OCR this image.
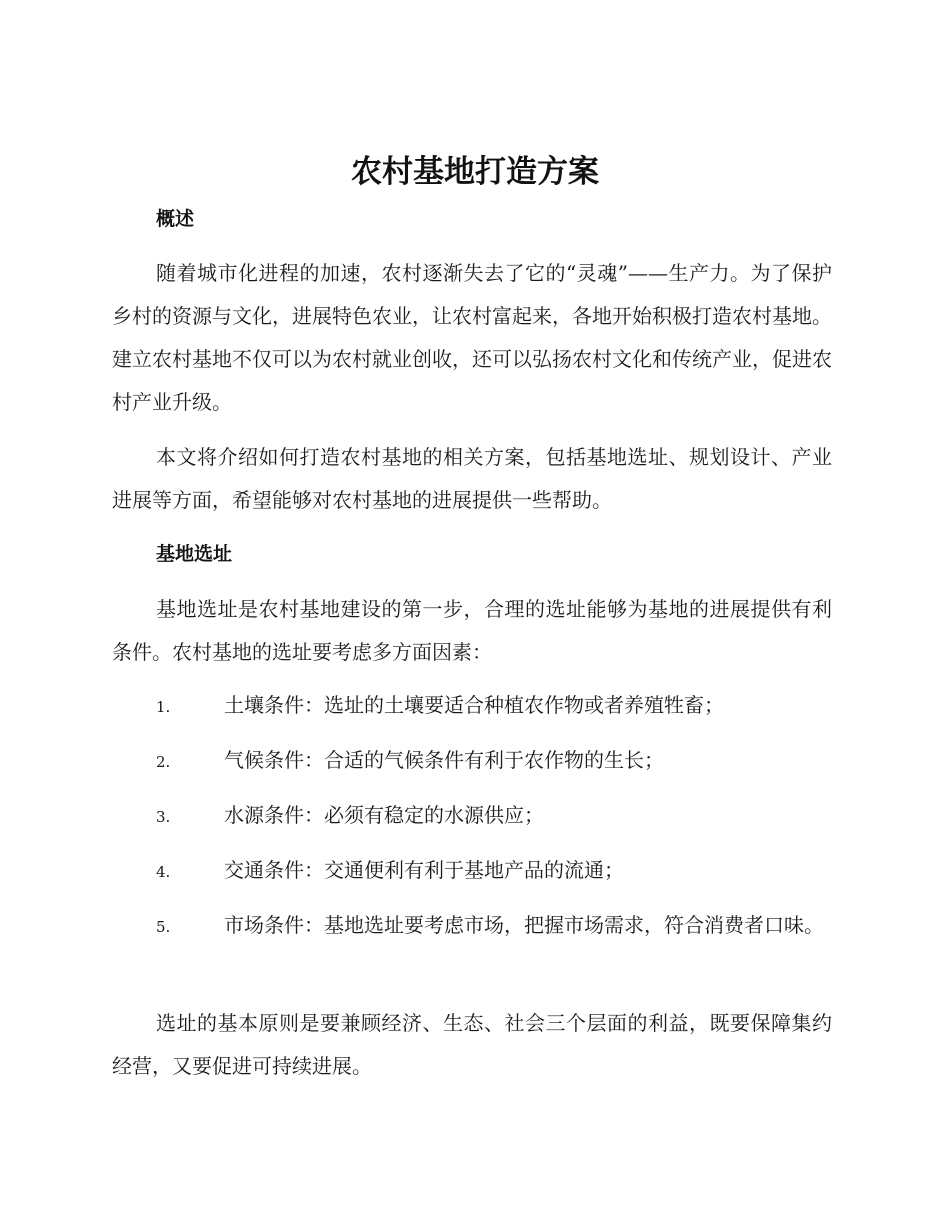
农村基地打造方案
概述

随着城市化进程的加速，农村逐渐失去了它的“灵魂”——生产力。为了保护乡村的资源与文化，进展特色农业，让农村富起来，各地开始积极打造农村基地。建立农村基地不仅可以为农村就业创收，还可以弘扬农村文化和传统产业，促进农村产业升级。

本文将介绍如何打造农村基地的相关方案，包括基地选址、规划设计、产业进展等方面，希望能够对农村基地的进展提供一些帮助。

基地选址

基地选址是农村基地建设的第一步，合理的选址能够为基地的进展提供有利条件。农村基地的选址要考虑多方面因素：

1.	土壤条件：选址的土壤要适合种植农作物或者养殖牲畜；
2.	气候条件：合适的气候条件有利于农作物的生长；
3.	水源条件：必须有稳定的水源供应；
4.	交通条件：交通便利有利于基地产品的流通；
5.	市场条件：基地选址要考虑市场，把握市场需求，符合消费者口味。

选址的基本原则是要兼顾经济、生态、社会三个层面的利益，既要保障集约经营，又要促进可持续进展。
